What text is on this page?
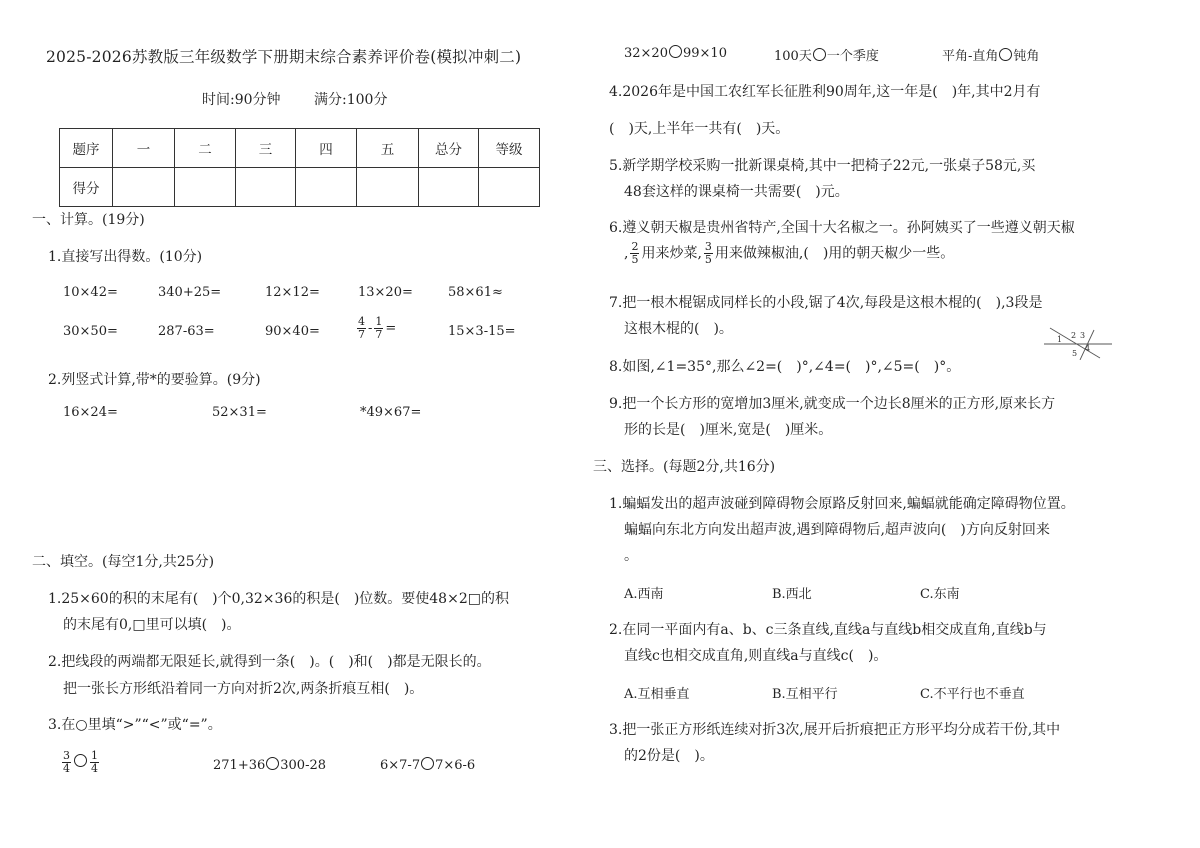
2025-2026苏教版三年级数学下册期末综合素养评价卷(模拟冲刺二)
时间:90分钟 满分:100分
题序	一	二	三	四	五	总分	等级
得分							
一、计算。(19分)
1.直接写出得数。(10分)
10×42=	340+25=	12×12=	13×20=	58×61≈
30×50=	287-63=	90×40=	$\frac{4}{7} - \frac{1}{7}$ =	15×3-15=
2.列竖式计算,带*的要验算。(9分)
16×24=	52×31=	*49×67=
二、填空。(每空1分,共25分)
1.25×60的积的末尾有(　)个0,32×36的积是(　)位数。要使48×2□的积
的末尾有0,□里可以填(　)。
2.把线段的两端都无限延长,就得到一条(　)。(　)和(　)都是无限长的。
把一张长方形纸沿着同一方向对折2次,两条折痕互相(　)。
3.在○里填“>”“<”或“=”。
$\frac{3}{4} \frac{1}{4}$	271+36 300-28	6×7-7 7×6-6
32×20 99×10	100天 一个季度	平角-直角 钝角
4.2026年是中国工农红军长征胜利90周年,这一年是(　)年,其中2月有
(　)天,上半年一共有(　)天。
5.新学期学校采购一批新课桌椅,其中一把椅子22元,一张桌子58元,买
48套这样的课桌椅一共需要(　)元。
6.遵义朝天椒是贵州省特产,全国十大名椒之一。孙阿姨买了一些遵义朝天椒
, $\frac{2}{5}$ 用来炒菜, $\frac{3}{5}$ 用来做辣椒油,(　)用的朝天椒少一些。
7.把一根木棍锯成同样长的小段,锯了4次,每段是这根木棍的(　),3段是
这根木棍的(　)。
1 2 3
4
5
8.如图,∠1=35°,那么∠2=(　)°,∠4=(　)°,∠5=(　)°。
9.把一个长方形的宽增加3厘米,就变成一个边长8厘米的正方形,原来长方
形的长是(　)厘米,宽是(　)厘米。
三、选择。(每题2分,共16分)
1.蝙蝠发出的超声波碰到障碍物会原路反射回来,蝙蝠就能确定障碍物位置。
蝙蝠向东北方向发出超声波,遇到障碍物后,超声波向(　)方向反射回来
。
A.西南	B.西北	C.东南
2.在同一平面内有a、b、c三条直线,直线a与直线b相交成直角,直线b与
直线c也相交成直角,则直线a与直线c(　)。
A.互相垂直	B.互相平行	C.不平行也不垂直
3.把一张正方形纸连续对折3次,展开后折痕把正方形平均分成若干份,其中
的2份是(　)。
